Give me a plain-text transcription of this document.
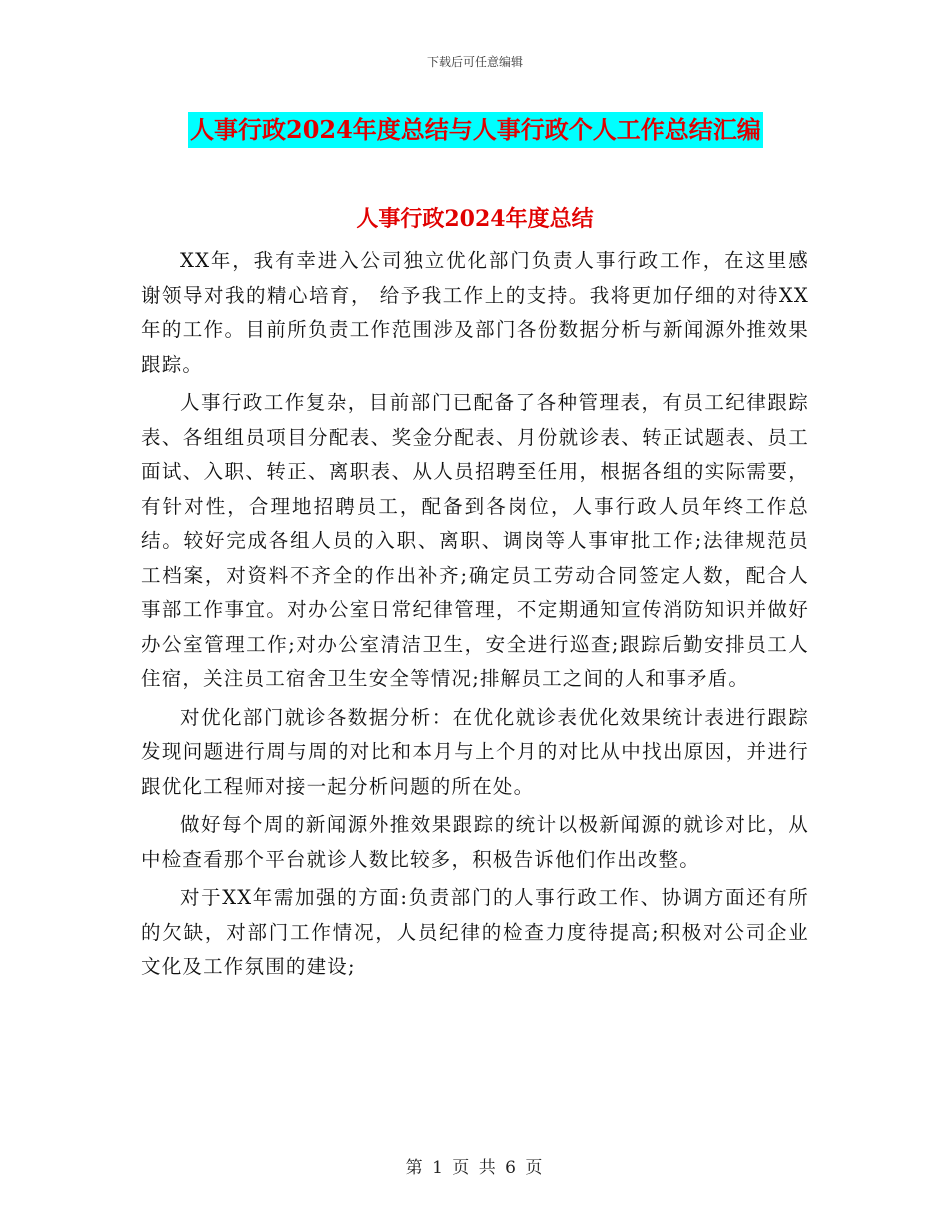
下载后可任意编辑
人事行政2024年度总结与人事行政个人工作总结汇编
人事行政2024年度总结

XX年，我有幸进入公司独立优化部门负责人事行政工作，在这里感谢领导对我的精心培育， 给予我工作上的支持。我将更加仔细的对待XX年的工作。目前所负责工作范围涉及部门各份数据分析与新闻源外推效果跟踪。

人事行政工作复杂，目前部门已配备了各种管理表，有员工纪律跟踪表、各组组员项目分配表、奖金分配表、月份就诊表、转正试题表、员工面试、入职、转正、离职表、从人员招聘至任用，根据各组的实际需要，有针对性，合理地招聘员工，配备到各岗位，人事行政人员年终工作总结。较好完成各组人员的入职、离职、调岗等人事审批工作;法律规范员工档案，对资料不齐全的作出补齐;确定员工劳动合同签定人数，配合人事部工作事宜。对办公室日常纪律管理，不定期通知宣传消防知识并做好办公室管理工作;对办公室清洁卫生，安全进行巡查;跟踪后勤安排员工人住宿，关注员工宿舍卫生安全等情况;排解员工之间的人和事矛盾。

对优化部门就诊各数据分析：在优化就诊表优化效果统计表进行跟踪发现问题进行周与周的对比和本月与上个月的对比从中找出原因，并进行跟优化工程师对接一起分析问题的所在处。

做好每个周的新闻源外推效果跟踪的统计以极新闻源的就诊对比，从中检查看那个平台就诊人数比较多，积极告诉他们作出改整。

对于XX年需加强的方面:负责部门的人事行政工作、协调方面还有所的欠缺，对部门工作情况，人员纪律的检查力度待提高;积极对公司企业文化及工作氛围的建设;

第 1 页 共 6 页
